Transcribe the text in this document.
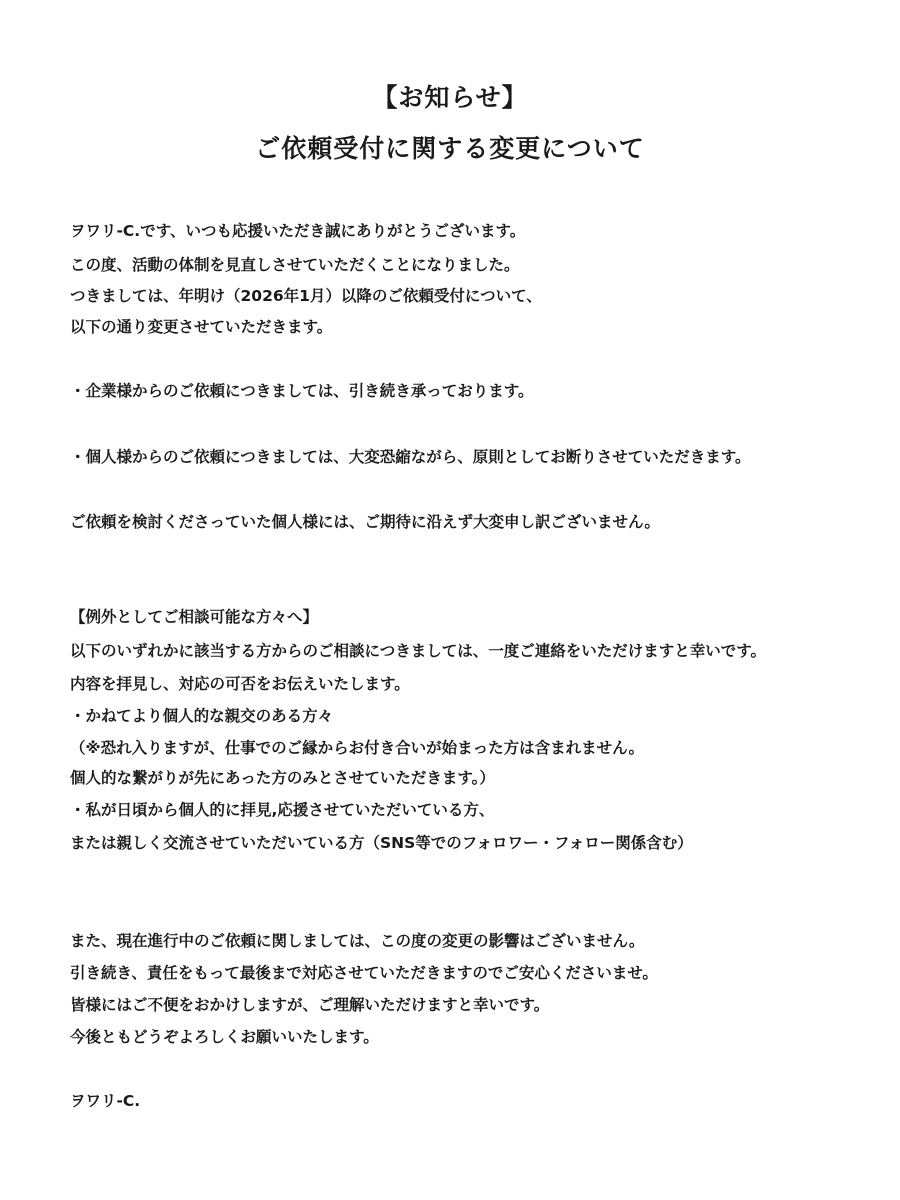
【お知らせ】
ご依頼受付に関する変更について

ヲワリ-C.です、いつも応援いただき誠にありがとうございます。

この度、活動の体制を見直しさせていただくことになりました。

つきましては、年明け（2026年1月）以降のご依頼受付について、

以下の通り変更させていただきます。

・企業様からのご依頼につきましては、引き続き承っております。

・個人様からのご依頼につきましては、大変恐縮ながら、原則としてお断りさせていただきます。

ご依頼を検討くださっていた個人様には、ご期待に沿えず大変申し訳ございません。

【例外としてご相談可能な方々へ】

以下のいずれかに該当する方からのご相談につきましては、一度ご連絡をいただけますと幸いです。

内容を拝見し、対応の可否をお伝えいたします。

・かねてより個人的な親交のある方々

（※恐れ入りますが、仕事でのご縁からお付き合いが始まった方は含まれません。

個人的な繋がりが先にあった方のみとさせていただきます。）

・私が日頃から個人的に拝見,応援させていただいている方、

または親しく交流させていただいている方（SNS等でのフォロワー・フォロー関係含む）

また、現在進行中のご依頼に関しましては、この度の変更の影響はございません。

引き続き、責任をもって最後まで対応させていただきますのでご安心くださいませ。

皆様にはご不便をおかけしますが、ご理解いただけますと幸いです。

今後ともどうぞよろしくお願いいたします。

ヲワリ-C.
